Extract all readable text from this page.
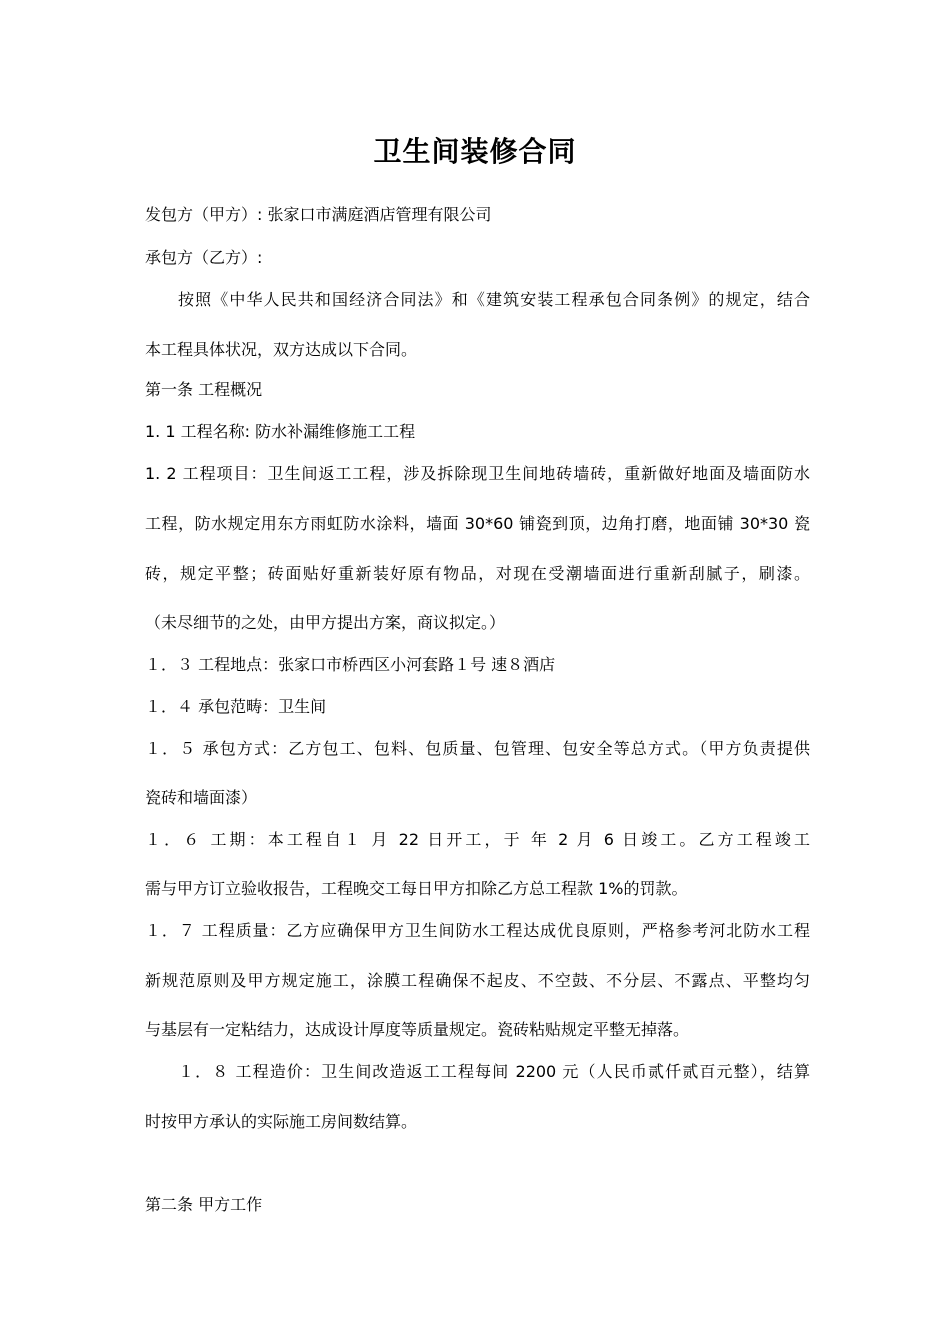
卫生间装修合同
发包方（甲方）: 张家口市满庭酒店管理有限公司
承包方（乙方）:
按照《中华人民共和国经济合同法》和《建筑安装工程承包合同条例》的规定，结合
本工程具体状况，双方达成以下合同。
第一条 工程概况
1. 1 工程名称: 防水补漏维修施工工程
1. 2 工程项目：卫生间返工工程，涉及拆除现卫生间地砖墙砖，重新做好地面及墙面防水
工程，防水规定用东方雨虹防水涂料，墙面 30*60 铺瓷到顶，边角打磨，地面铺 30*30 瓷
砖，规定平整；砖面贴好重新装好原有物品，对现在受潮墙面进行重新刮腻子，刷漆。
（未尽细节的之处，由甲方提出方案，商议拟定。）
１．３ 工程地点：张家口市桥西区小河套路１号 速８酒店
１．４ 承包范畴：卫生间
１．５ 承包方式：乙方包工、包料、包质量、包管理、包安全等总方式。（甲方负责提供
瓷砖和墙面漆）
１．６ 工期：本工程自１ 月 22 日开工，于 年 2 月 6 日竣工。乙方工程竣工
需与甲方订立验收报告，工程晚交工每日甲方扣除乙方总工程款 1%的罚款。
１．７ 工程质量：乙方应确保甲方卫生间防水工程达成优良原则，严格参考河北防水工程
新规范原则及甲方规定施工，涂膜工程确保不起皮、不空鼓、不分层、不露点、平整均匀
与基层有一定粘结力，达成设计厚度等质量规定。瓷砖粘贴规定平整无掉落。
１．８ 工程造价：卫生间改造返工工程每间 2200 元（人民币贰仟贰百元整），结算
时按甲方承认的实际施工房间数结算。
第二条 甲方工作
